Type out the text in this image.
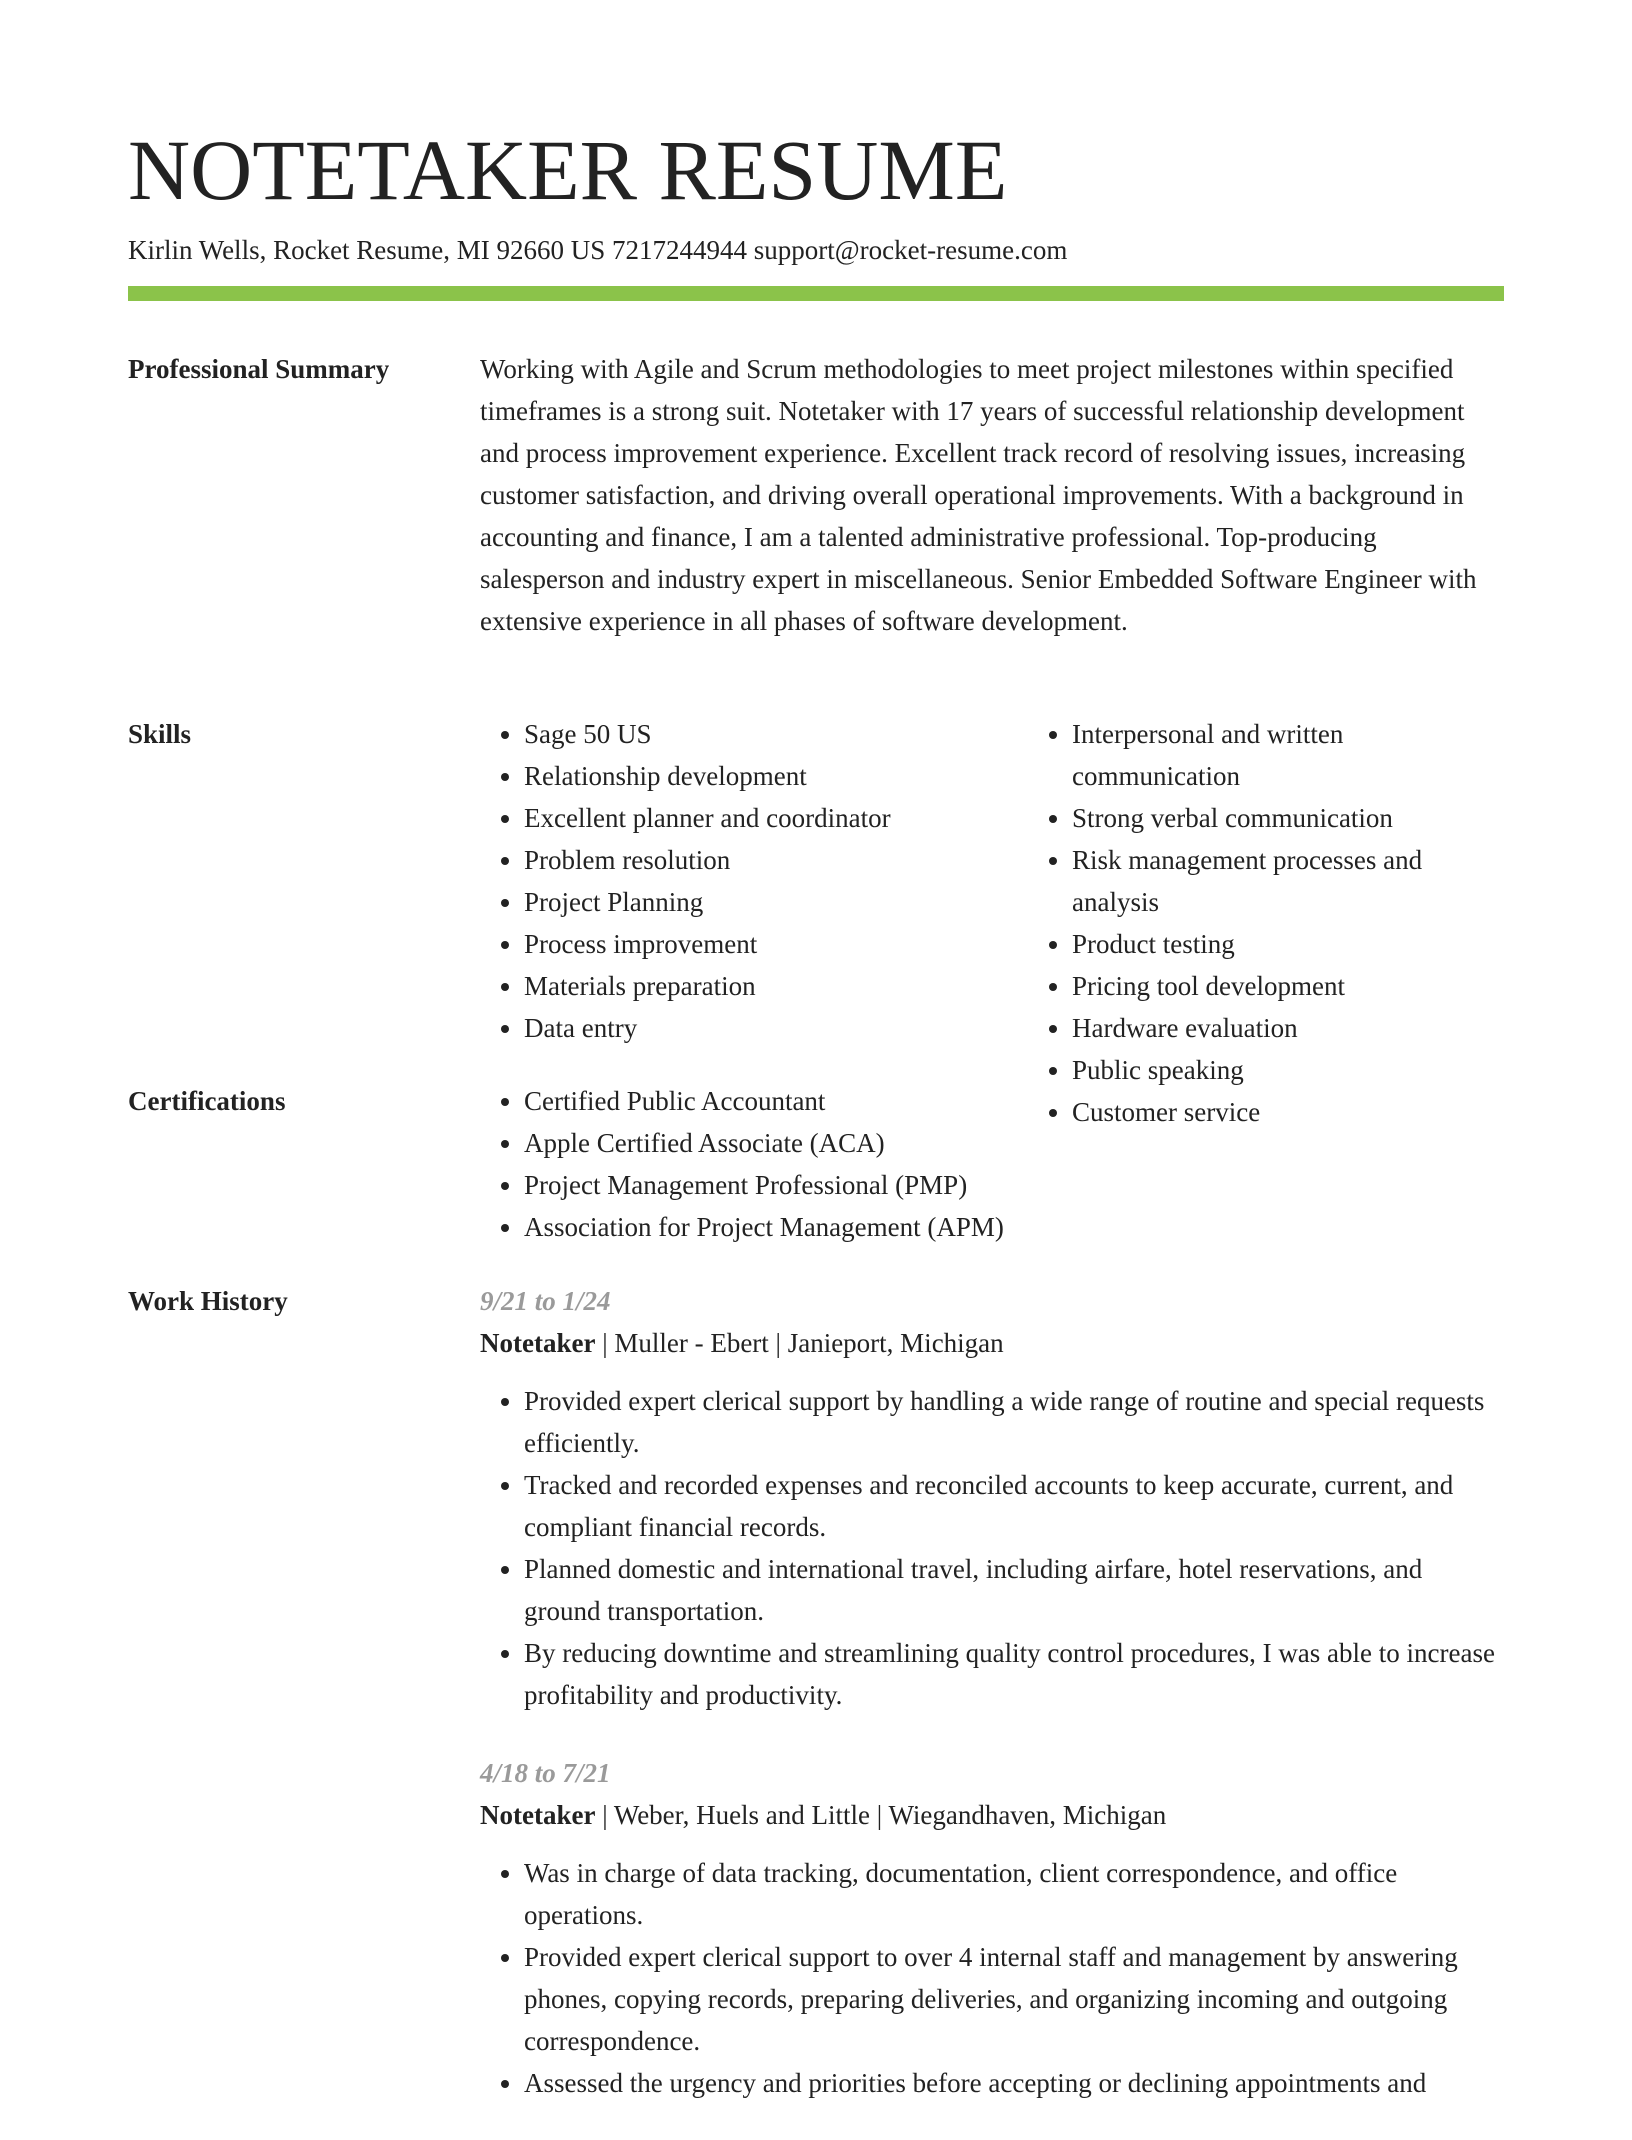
NOTETAKER RESUME
Kirlin Wells, Rocket Resume, MI 92660 US 7217244944 support@rocket-resume.com
Professional Summary	Working with Agile and Scrum methodologies to meet project milestones within specified timeframes is a strong suit. Notetaker with 17 years of successful relationship development and process improvement experience. Excellent track record of resolving issues, increasing customer satisfaction, and driving overall operational improvements. With a background in accounting and finance, I am a talented administrative professional. Top-producing salesperson and industry expert in miscellaneous. Senior Embedded Software Engineer with extensive experience in all phases of software development.

Skills	• Sage 50 US
• Relationship development
• Excellent planner and coordinator
• Problem resolution
• Project Planning
• Process improvement
• Materials preparation
• Data entry
• Interpersonal and written communication
• Strong verbal communication
• Risk management processes and analysis
• Product testing
• Pricing tool development
• Hardware evaluation
• Public speaking
• Customer service
Certifications	• Certified Public Accountant
• Apple Certified Associate (ACA)
• Project Management Professional (PMP)
• Association for Project Management (APM)
Work History	9/21 to 1/24

Notetaker | Muller - Ebert | Janieport, Michigan

• Provided expert clerical support by handling a wide range of routine and special requests efficiently.
• Tracked and recorded expenses and reconciled accounts to keep accurate, current, and compliant financial records.
• Planned domestic and international travel, including airfare, hotel reservations, and ground transportation.
• By reducing downtime and streamlining quality control procedures, I was able to increase profitability and productivity.

4/18 to 7/21

Notetaker | Weber, Huels and Little | Wiegandhaven, Michigan

• Was in charge of data tracking, documentation, client correspondence, and office operations.
• Provided expert clerical support to over 4 internal staff and management by answering phones, copying records, preparing deliveries, and organizing incoming and outgoing correspondence.
• Assessed the urgency and priorities before accepting or declining appointments and
